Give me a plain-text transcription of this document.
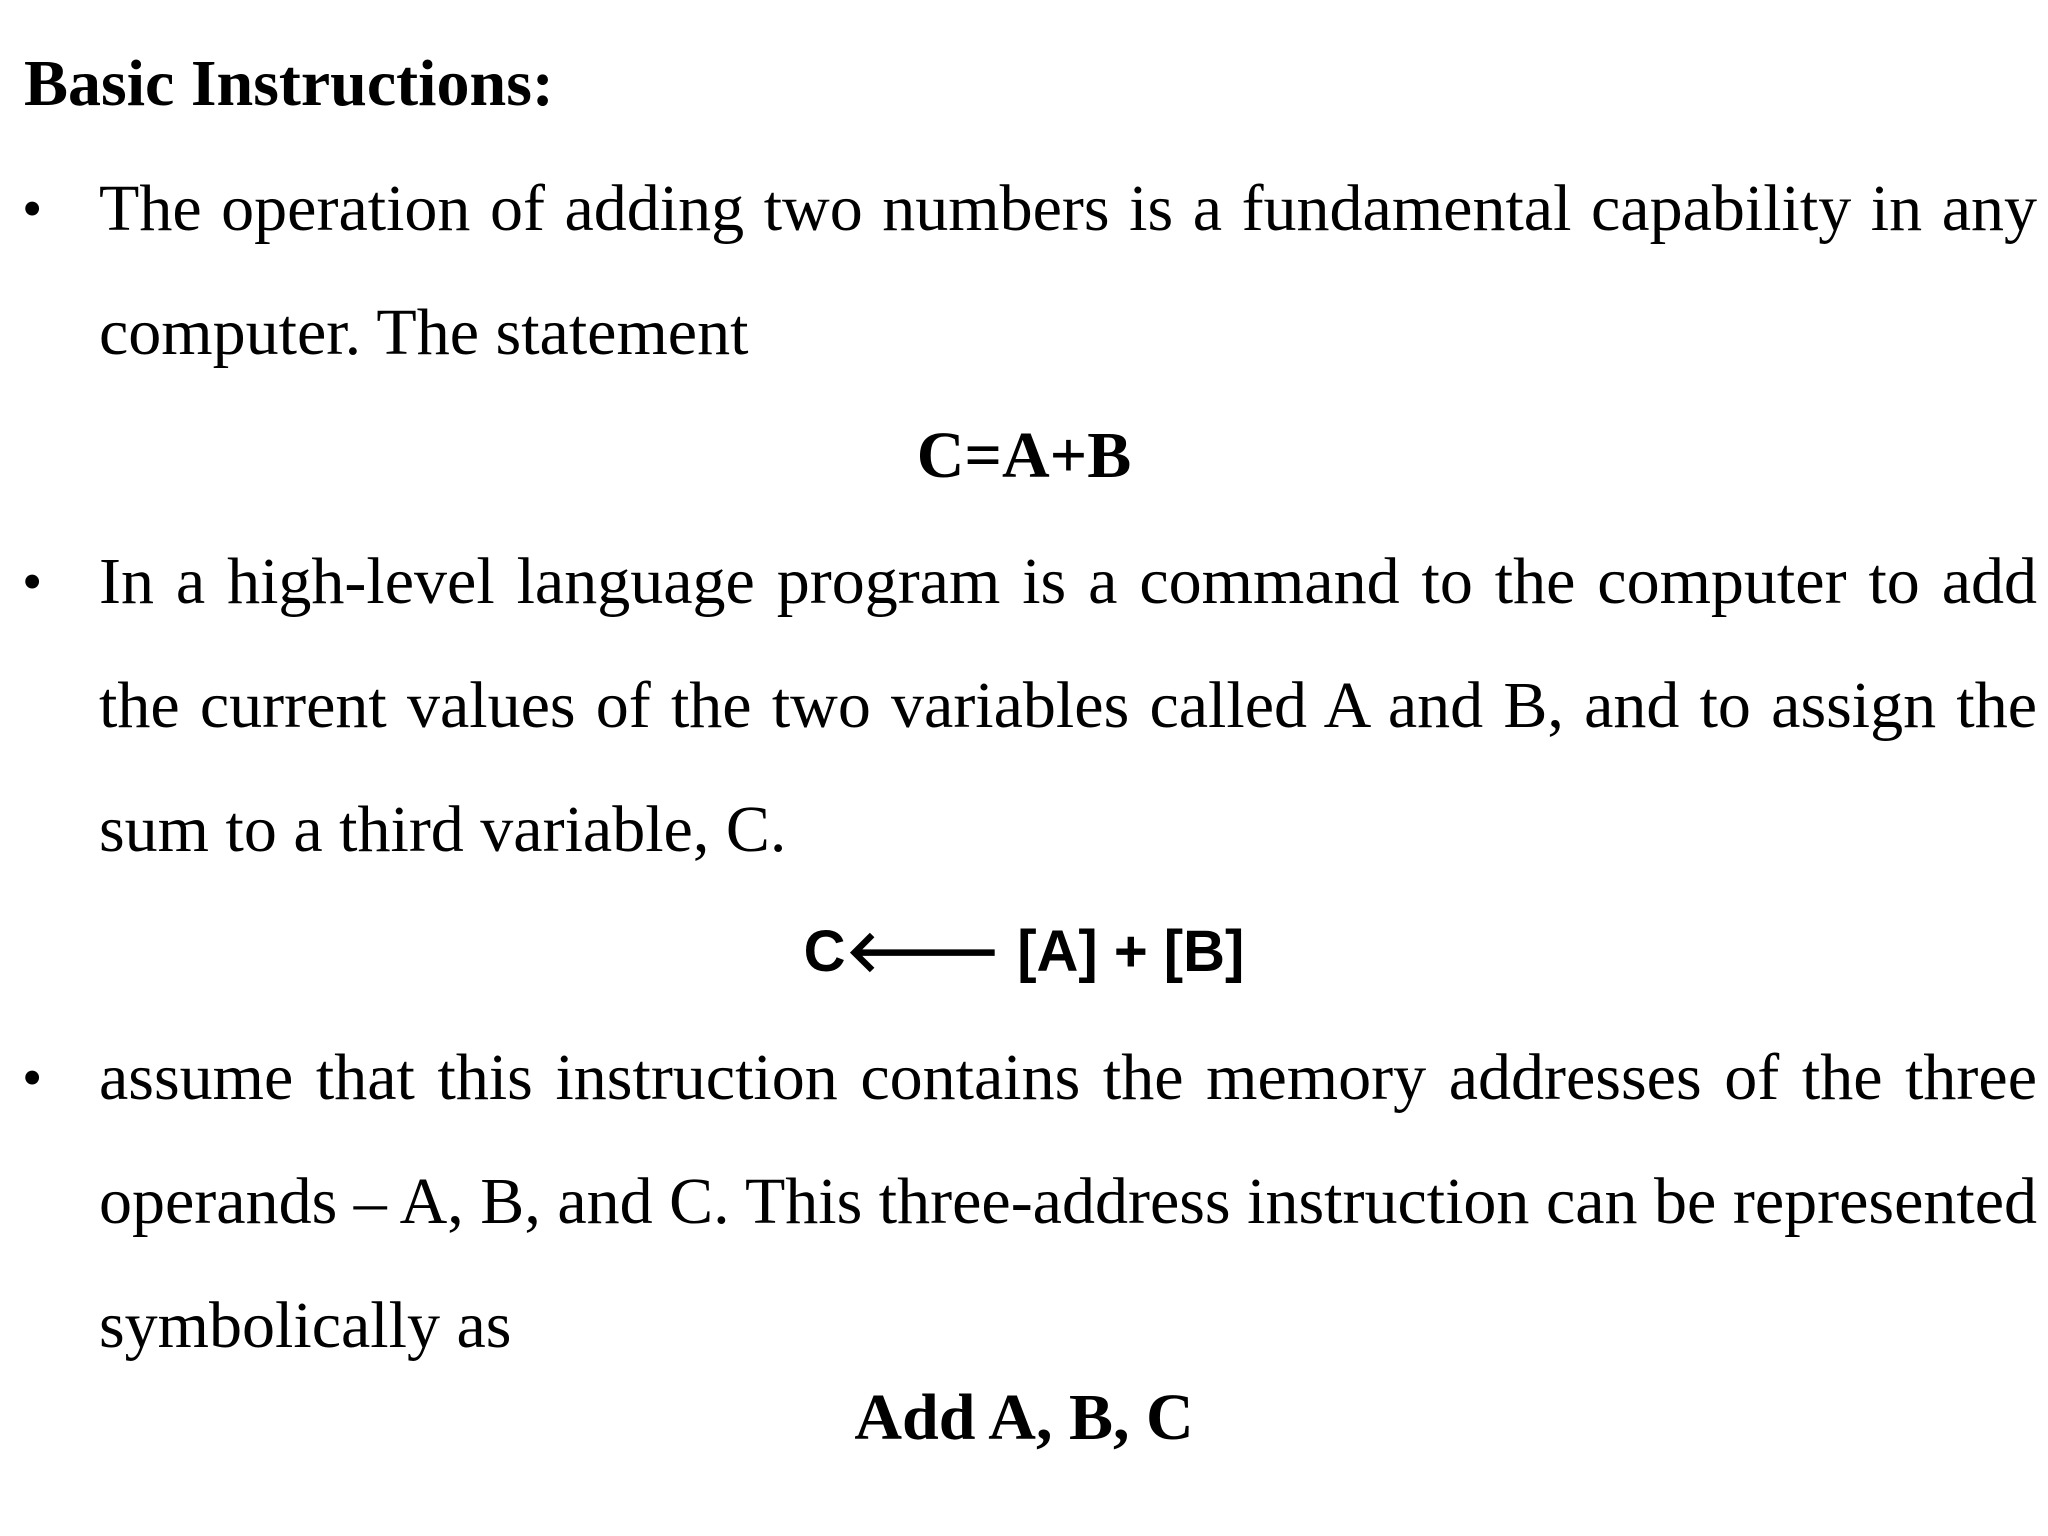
Basic Instructions:
• The operation of adding two numbers is a fundamental capability in any computer. The statement
C=A+B
• In a high-level language program is a command to the computer to add the current values of the two variables called A and B, and to assign the sum to a third variable, C.
C🡐 [A] + [B]
• assume that this instruction contains the memory addresses of the three operands – A, B, and C. This three-address instruction can be represented symbolically as
Add A, B, C
